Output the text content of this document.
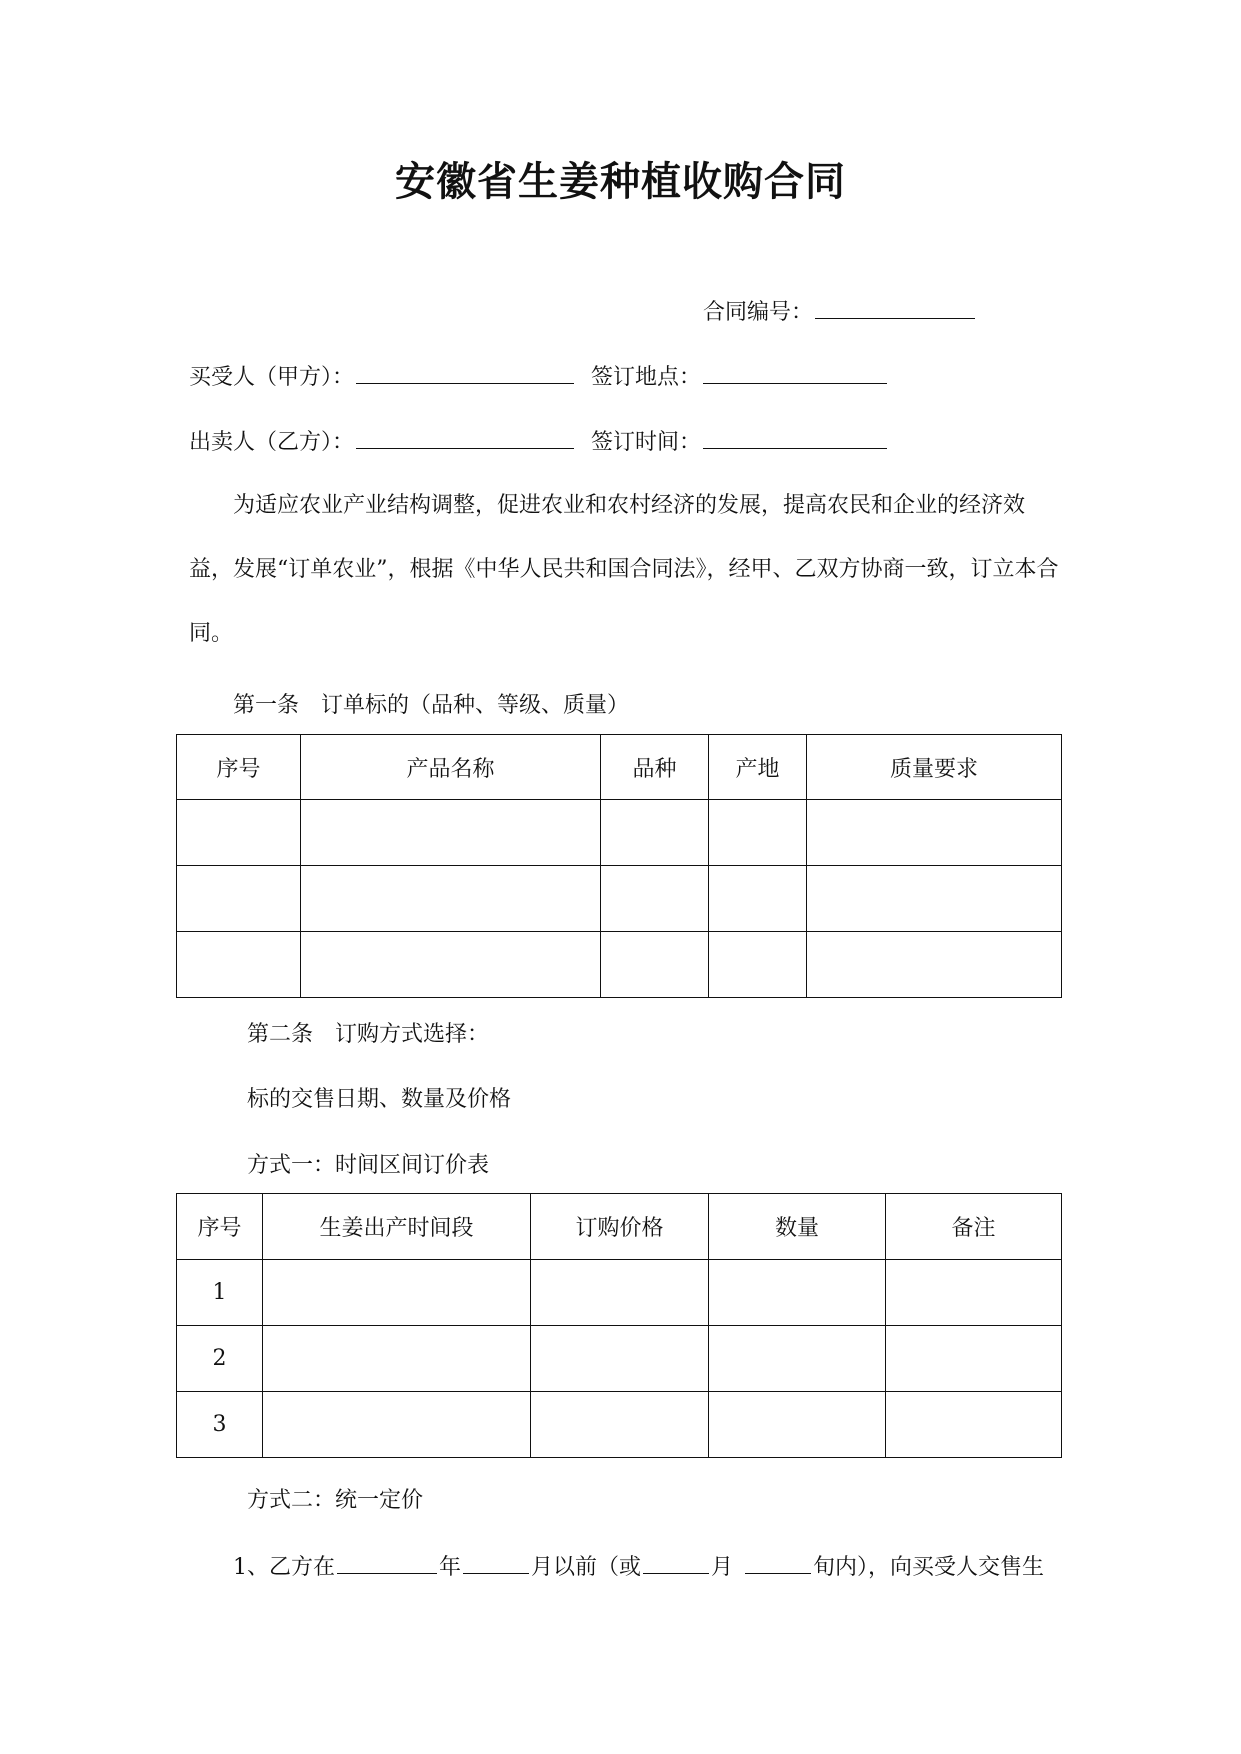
安徽省生姜种植收购合同
合同编号：
买受人（甲方）：	签订地点：
出卖人（乙方）：	签订时间：
为适应农业产业结构调整，促进农业和农村经济的发展，提高农民和企业的经济效益，发展“订单农业”，根据《中华人民共和国合同法》，经甲、乙双方协商一致，订立本合同。
第一条　订单标的（品种、等级、质量）
序号	产品名称	品种	产地	质量要求

第二条　订购方式选择：
标的交售日期、数量及价格
方式一：时间区间订价表
序号	生姜出产时间段	订购价格	数量	备注
1				
2				
3				
方式二：统一定价
1、乙方在	年	月以前（或	月	旬内），向买受人交售生
